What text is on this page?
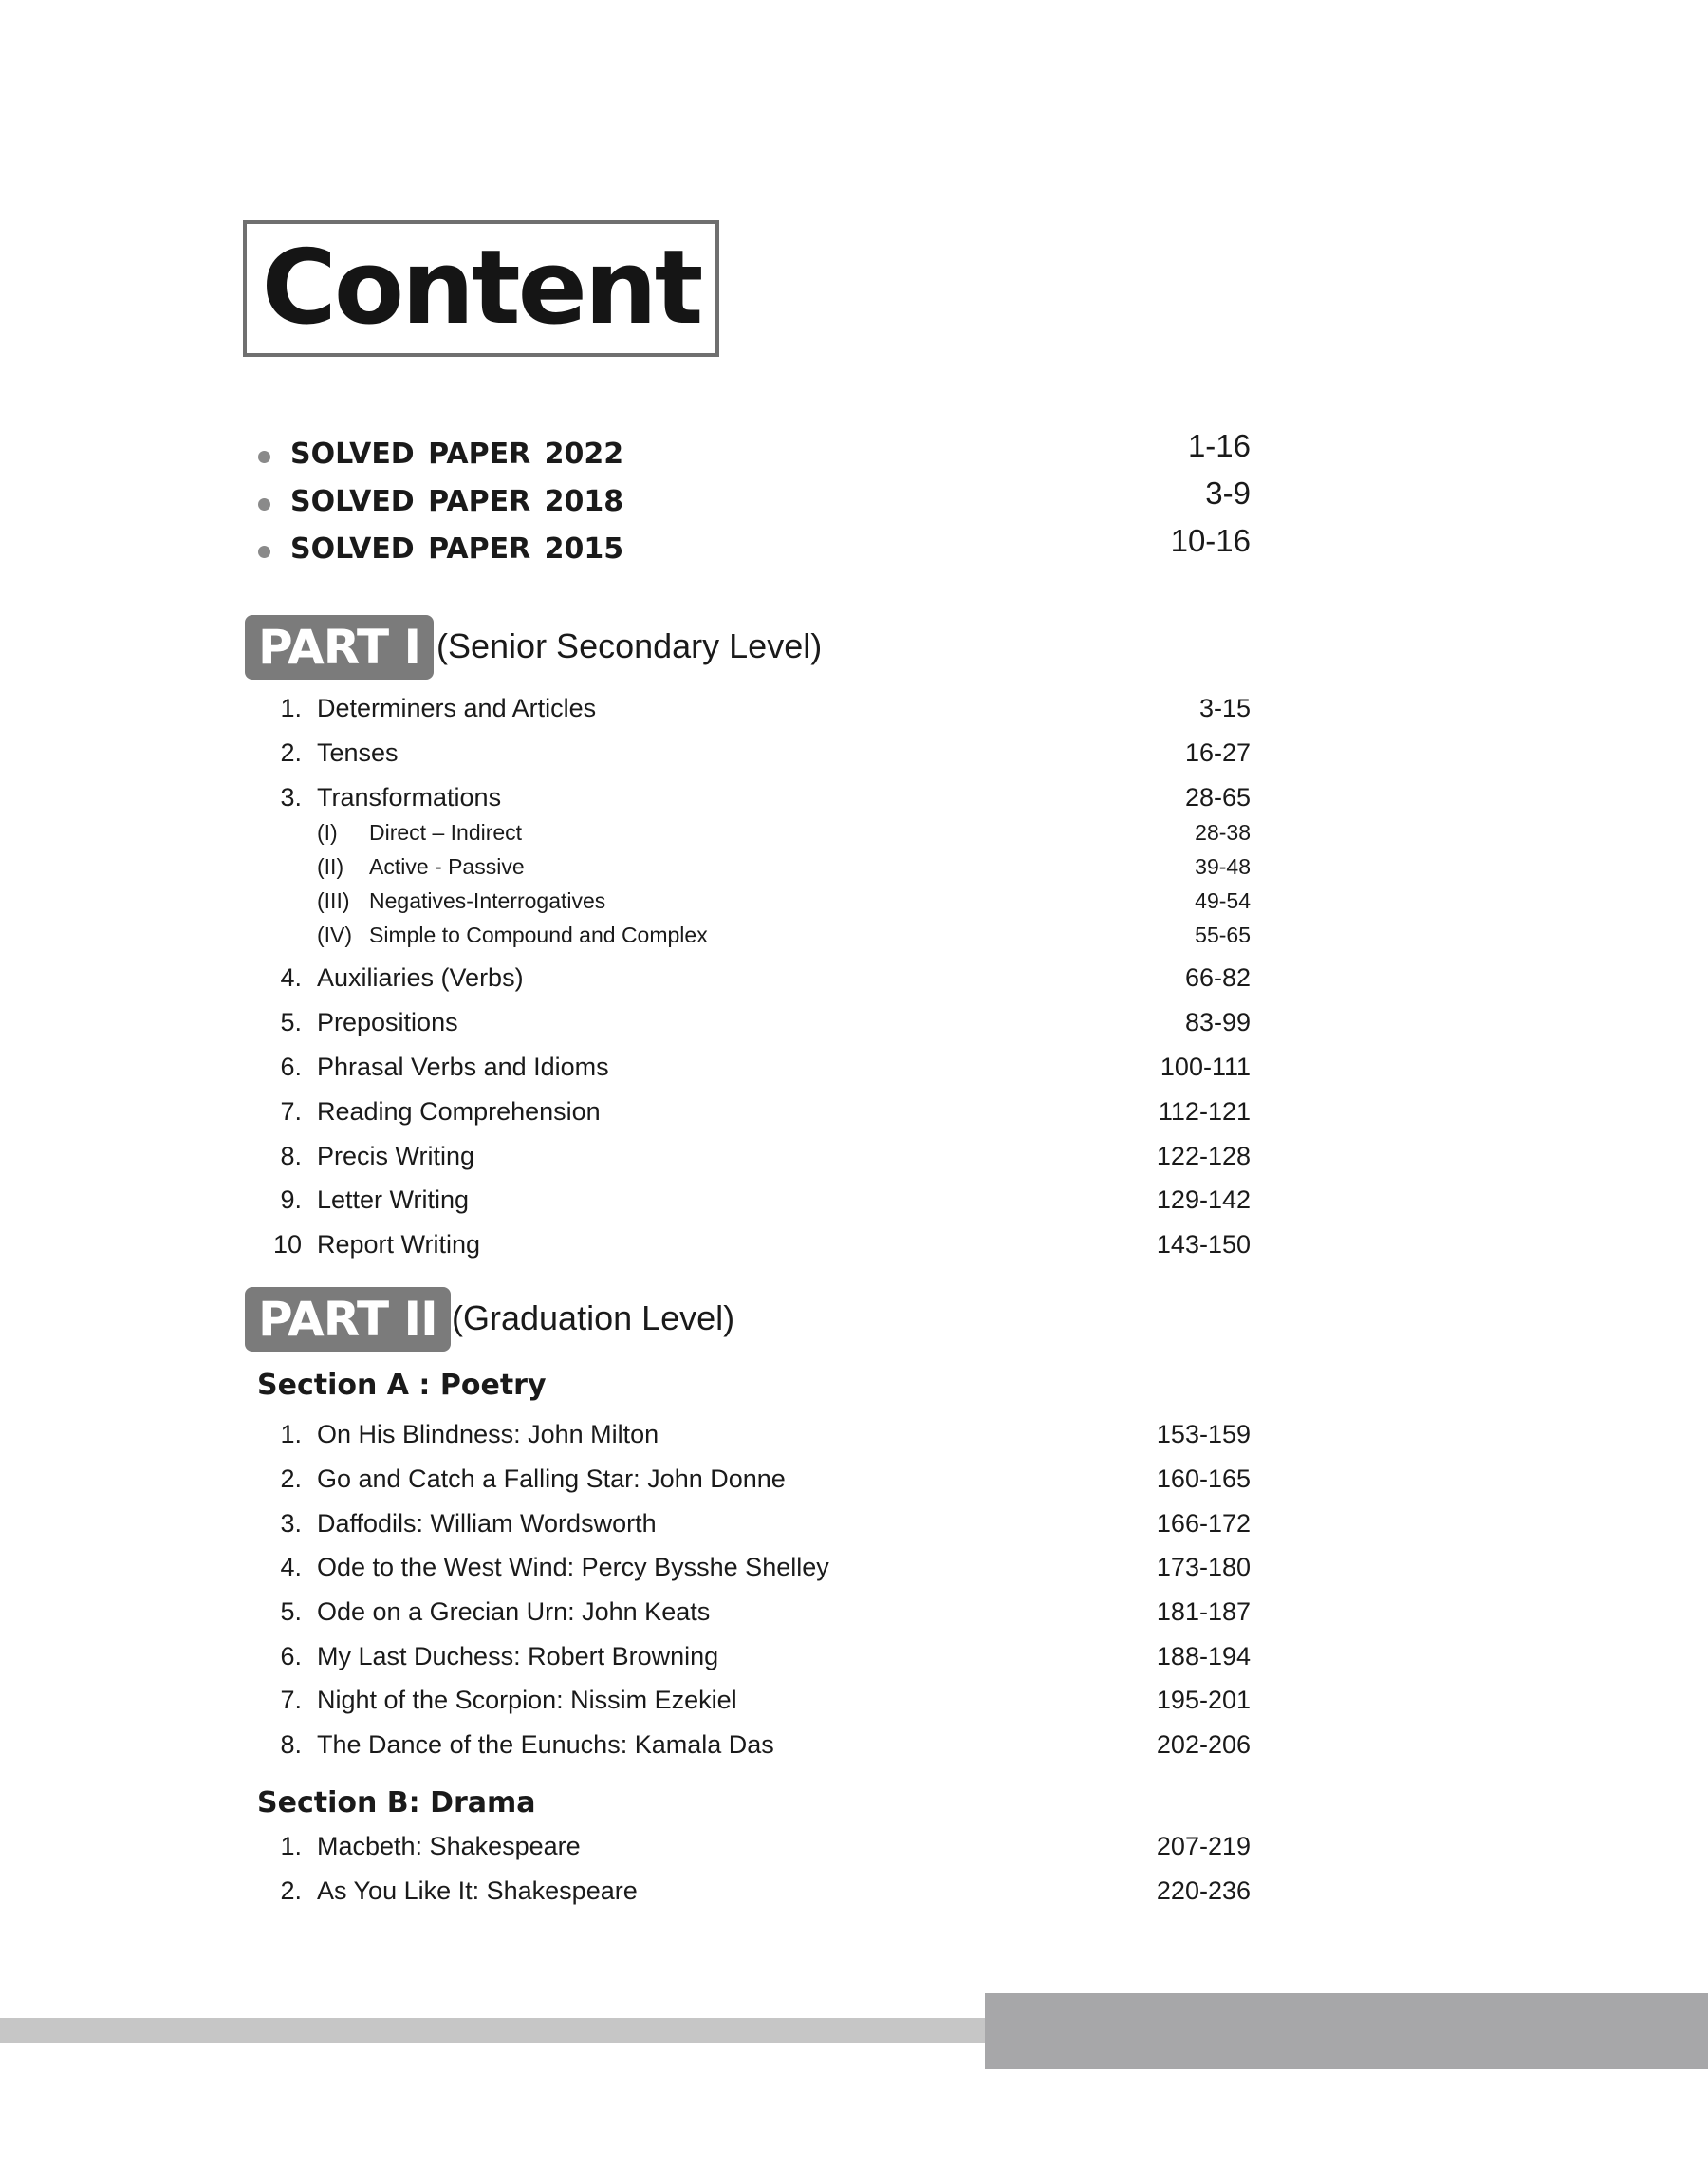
Content
SOLVED PAPER 2022	1-16
SOLVED PAPER 2018	3-9
SOLVED PAPER 2015	10-16
PART I (Senior Secondary Level)
1. Determiners and Articles	3-15
2. Tenses	16-27
3. Transformations	28-65
(I) Direct – Indirect	28-38
(II) Active - Passive	39-48
(III) Negatives-Interrogatives	49-54
(IV) Simple to Compound and Complex	55-65
4. Auxiliaries (Verbs)	66-82
5. Prepositions	83-99
6. Phrasal Verbs and Idioms	100-111
7. Reading Comprehension	112-121
8. Precis Writing	122-128
9. Letter Writing	129-142
10 Report Writing	143-150
PART II (Graduation Level)
Section A : Poetry
1. On His Blindness: John Milton	153-159
2. Go and Catch a Falling Star: John Donne	160-165
3. Daffodils: William Wordsworth	166-172
4. Ode to the West Wind: Percy Bysshe Shelley	173-180
5. Ode on a Grecian Urn: John Keats	181-187
6. My Last Duchess: Robert Browning	188-194
7. Night of the Scorpion: Nissim Ezekiel	195-201
8. The Dance of the Eunuchs: Kamala Das	202-206
Section B: Drama
1. Macbeth: Shakespeare	207-219
2. As You Like It: Shakespeare	220-236
